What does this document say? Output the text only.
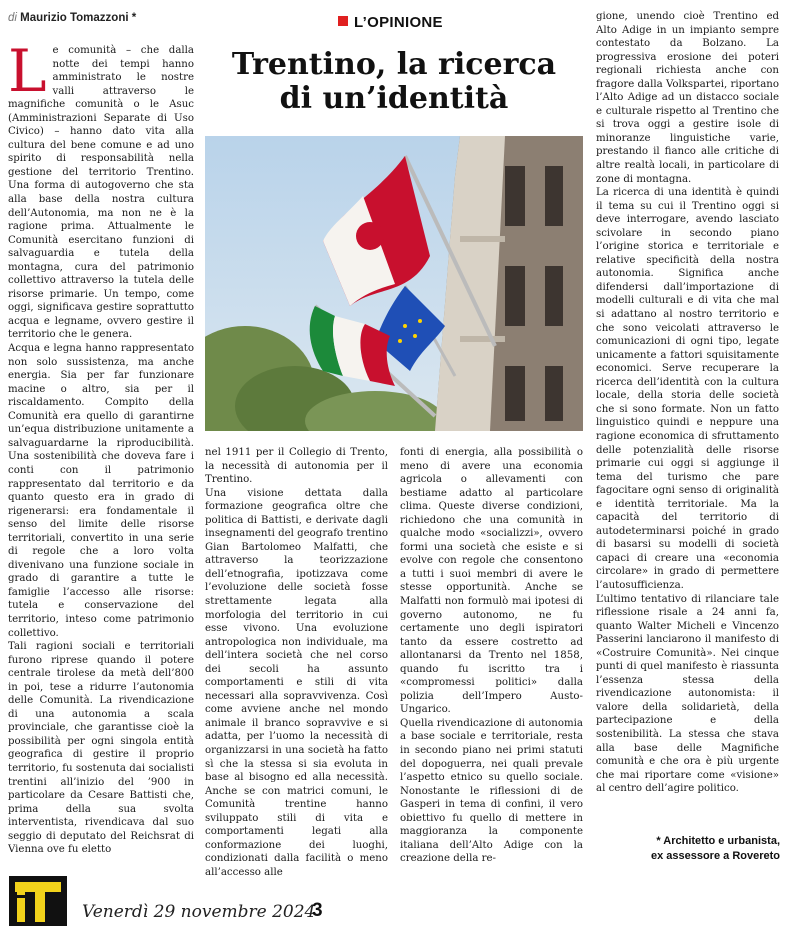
di Maurizio Tomazzoni *	L’OPINIONE
Trentino, la ricerca
di un’identità

Le comunità – che dalla notte dei tempi hanno amministrato le nostre valli attraverso le magnifiche comunità o le Asuc (Amministrazioni Separate di Uso Civico) – hanno dato vita alla cultura del bene comune e ad uno spirito di responsabilità nella gestione del territorio Trentino. Una forma di autogoverno che sta alla base della nostra cultura dell’Autonomia, ma non ne è la ragione prima. Attualmente le Comunità esercitano funzioni di salvaguardia e tutela della montagna, cura del patrimonio collettivo attraverso la tutela delle risorse primarie. Un tempo, come oggi, significava gestire soprattutto acqua e legname, ovvero gestire il territorio che le genera.

Acqua e legna hanno rappresentato non solo sussistenza, ma anche energia. Sia per far funzionare macine o altro, sia per il riscaldamento. Compito della Comunità era quello di garantirne un’equa distribuzione unitamente a salvaguardarne la riproducibilità. Una sostenibilità che doveva fare i conti con il patrimonio rappresentato dal territorio e da quanto questo era in grado di rigenerarsi: era fondamentale il senso del limite delle risorse territoriali, convertito in una serie di regole che a loro volta divenivano una funzione sociale in grado di garantire a tutte le famiglie l’accesso alle risorse: tutela e conservazione del territorio, inteso come patrimonio collettivo.

Tali ragioni sociali e territoriali furono riprese quando il potere centrale tirolese da metà dell’800 in poi, tese a ridurre l’autonomia delle Comunità. La rivendicazione di una autonomia a scala provinciale, che garantisse cioè la possibilità per ogni singola entità geografica di gestire il proprio territorio, fu sostenuta dai socialisti trentini all’inizio del ’900 in particolare da Cesare Battisti che, prima della sua svolta interventista, rivendicava dal suo seggio di deputato del Reichsrat di Vienna ove fu eletto

nel 1911 per il Collegio di Trento, la necessità di autonomia per il Trentino.

Una visione dettata dalla formazione geografica oltre che politica di Battisti, e derivate dagli insegnamenti del geografo trentino Gian Bartolomeo Malfatti, che attraverso la teorizzazione dell’etnografia, ipotizzava come l’evoluzione delle società fosse strettamente legata alla morfologia del territorio in cui esse vivono. Una evoluzione antropologica non individuale, ma dell’intera società che nel corso dei secoli ha assunto comportamenti e stili di vita necessari alla sopravvivenza. Così come avviene anche nel mondo animale il branco sopravvive e si adatta, per l’uomo la necessità di organizzarsi in una società ha fatto sì che la stessa si sia evoluta in base al bisogno ed alla necessità. Anche se con matrici comuni, le Comunità trentine hanno sviluppato stili di vita e comportamenti legati alla conformazione dei luoghi, condizionati dalla facilità o meno all’accesso alle

fonti di energia, alla possibilità o meno di avere una economia agricola o allevamenti con bestiame adatto al particolare clima. Queste diverse condizioni, richiedono che una comunità in qualche modo «socializzi», ovvero formi una società che esiste e si evolve con regole che consentono a tutti i suoi membri di avere le stesse opportunità. Anche se Malfatti non formulò mai ipotesi di governo autonomo, ne fu certamente uno degli ispiratori tanto da essere costretto ad allontanarsi da Trento nel 1858, quando fu iscritto tra i «compromessi politici» dalla polizia dell’Impero Austo-Ungarico.

Quella rivendicazione di autonomia a base sociale e territoriale, resta in secondo piano nei primi statuti del dopoguerra, nei quali prevale l’aspetto etnico su quello sociale. Nonostante le riflessioni di de Gasperi in tema di confini, il vero obiettivo fu quello di mettere in maggioranza la componente italiana dell’Alto Adige con la creazione della re-

gione, unendo cioè Trentino ed Alto Adige in un impianto sempre contestato da Bolzano. La progressiva erosione dei poteri regionali richiesta anche con fragore dalla Volkspartei, riportano l’Alto Adige ad un distacco sociale e culturale rispetto al Trentino che si trova oggi a gestire isole di minoranze linguistiche varie, prestando il fianco alle critiche di altre realtà locali, in particolare di zone di montagna.

La ricerca di una identità è quindi il tema su cui il Trentino oggi si deve interrogare, avendo lasciato scivolare in secondo piano l’origine storica e territoriale e relative specificità della nostra autonomia. Significa anche difendersi dall’importazione di modelli culturali e di vita che mal si adattano al nostro territorio e che sono veicolati attraverso le comunicazioni di ogni tipo, legate unicamente a fattori squisitamente economici. Serve recuperare la ricerca dell’identità con la cultura locale, della storia delle società che si sono formate. Non un fatto linguistico quindi e neppure una ragione economica di sfruttamento delle potenzialità delle risorse primarie cui oggi si aggiunge il tema del turismo che pare fagocitare ogni senso di originalità e identità territoriale. Ma la capacità del territorio di autodeterminarsi poiché in grado di basarsi su modelli di società capaci di creare una «economia circolare» in grado di permettere l’autosufficienza.

L’ultimo tentativo di rilanciare tale riflessione risale a 24 anni fa, quanto Walter Micheli e Vincenzo Passerini lanciarono il manifesto di «Costruire Comunità». Nei cinque punti di quel manifesto è riassunta l’essenza stessa della rivendicazione autonomista: il valore della solidarietà, della partecipazione e della sostenibilità. La stessa che stava alla base delle Magnifiche comunità e che ora è più urgente che mai riportare come «visione» al centro dell’agire politico.

* Architetto e urbanista,
ex assessore a Rovereto
Venerdì 29 novembre 2024
3
